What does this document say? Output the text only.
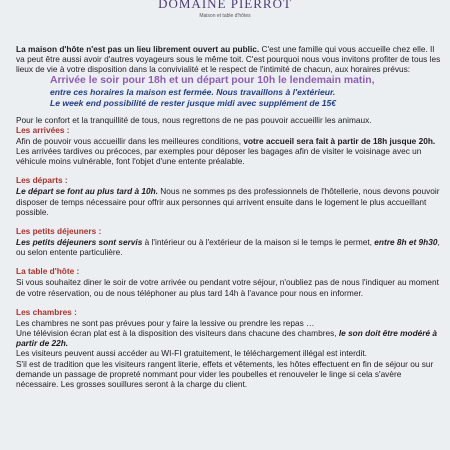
DOMAINE PIERROT
Maison et table d'hôtes

La maison d'hôte n'est pas un lieu librement ouvert au public. C'est une famille qui vous accueille chez elle. Il va peut être aussi avoir d'autres voyageurs sous le même toit. C'est pourquoi nous vous invitons profiter de tous les lieux de vie à votre disposition dans la convivialité et le respect de l'intimité de chacun, aux horaires prévus:

Arrivée le soir pour 18h et un départ pour 10h le lendemain matin,
entre ces horaires la maison est fermée. Nous travaillons à l'extérieur.
Le week end possibilité de rester jusque midi avec supplément de 15€

Pour le confort et la tranquillité de tous, nous regrettons de ne pas pouvoir accueillir les animaux.

Les arrivées :

Afin de pouvoir vous accueillir dans les meilleures conditions, votre accueil sera fait à partir de 18h jusque 20h. Les arrivées tardives ou précoces, par exemples pour déposer les bagages afin de visiter le voisinage avec un véhicule moins vulnérable, font l'objet d'une entente préalable.

Les départs :

Le départ se font au plus tard à 10h. Nous ne sommes ps des professionnels de l'hôtellerie, nous devons pouvoir disposer de temps nécessaire pour offrir aux personnes qui arrivent ensuite dans le logement le plus accueillant possible.

Les petits déjeuners :

Les petits déjeuners sont servis à l'intérieur ou à l'extérieur de la maison si le temps le permet, entre 8h et 9h30, ou selon entente particulière.

La table d'hôte :

Si vous souhaitez diner le soir de votre arrivée ou pendant votre séjour, n'oubliez pas de nous l'indiquer au moment de votre réservation, ou de nous téléphoner au plus tard 14h à l'avance pour nous en informer.

Les chambres :

Les chambres ne sont pas prévues pour y faire la lessive ou prendre les repas …

Une télévision écran plat est à la disposition des visiteurs dans chacune des chambres, le son doit être modéré à partir de 22h.

Les visiteurs peuvent aussi accéder au WI-FI gratuitement, le téléchargement illégal est interdit.

S'il est de tradition que les visiteurs rangent literie, effets et vêtements, les hôtes effectuent en fin de séjour ou sur demande un passage de propreté nommant pour vider les poubelles et renouveler le linge si cela s'avère nécessaire. Les grosses souillures seront à la charge du client.
